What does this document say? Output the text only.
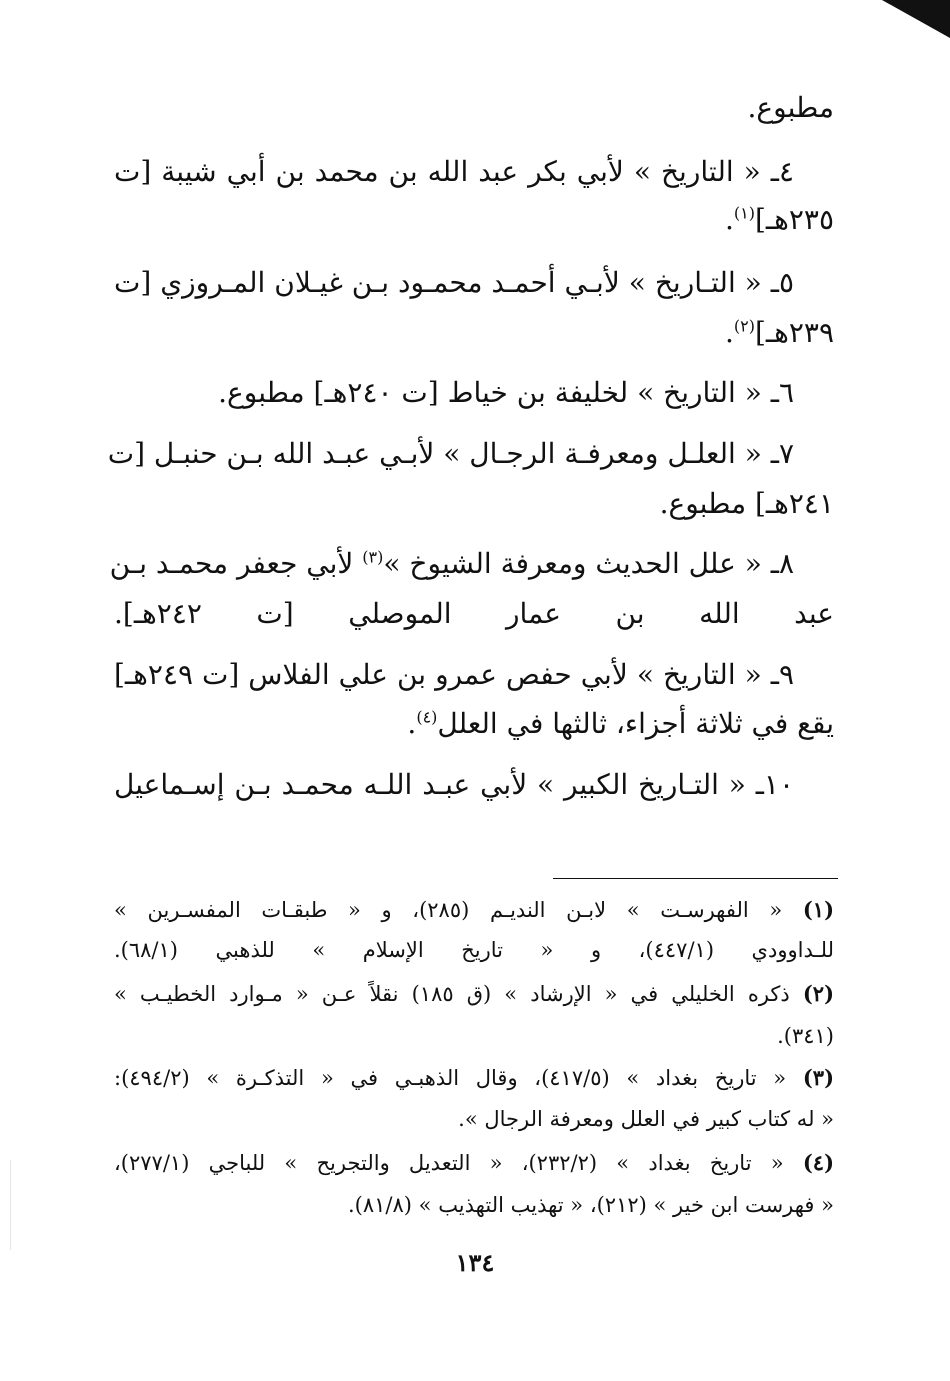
مطبوع.
٤ـ « التاريخ » لأبي بكر عبد الله بن محمد بن أبي شيبة [ت
٢٣٥هـ]$^{(١)}$.
٥ـ « التـاريخ » لأبـي أحمـد محمـود بـن غيـلان المـروزي [ت
٢٣٩هـ]$^{(٢)}$.
٦ـ « التاريخ » لخليفة بن خياط [ت ٢٤٠هـ] مطبوع.
٧ـ « العلـل ومعرفـة الرجـال » لأبـي عبـد الله بـن حنبـل [ت
٢٤١هـ] مطبوع.
٨ـ « علل الحديث ومعرفة الشيوخ »$^{(٣)}$ لأبي جعفر محمـد بـن
عبد الله بن عمار الموصلي [ت ٢٤٢هـ].
٩ـ « التاريخ » لأبي حفص عمرو بن علي الفلاس [ت ٢٤٩هـ]
يقع في ثلاثة أجزاء، ثالثها في العلل$^{(٤)}$.
١٠ـ « التـاريخ الكبير » لأبي عبـد اللـه محمـد بـن إسـماعيل
(١) « الفهرسـت » لابـن النديـم (٢٨٥)، و « طبقـات المفسـرين »
للـداوودي (٤٤٧/١)، و « تاريخ الإسلام » للذهبي (٦٨/١).
(٢) ذكره الخليلي في « الإرشاد » (ق ١٨٥) نقلاً عـن « مـوارد الخطيـب »
(٣٤١).
(٣) « تاريخ بغداد » (٤١٧/٥)، وقال الذهبـي في « التذكـرة » (٤٩٤/٢):
« له كتاب كبير في العلل ومعرفة الرجال ».
(٤) « تاريخ بغداد » (٢٣٢/٢)، « التعديل والتجريح » للباجي (٢٧٧/١)،
« فهرست ابن خير » (٢١٢)، « تهذيب التهذيب » (٨١/٨).
١٣٤
